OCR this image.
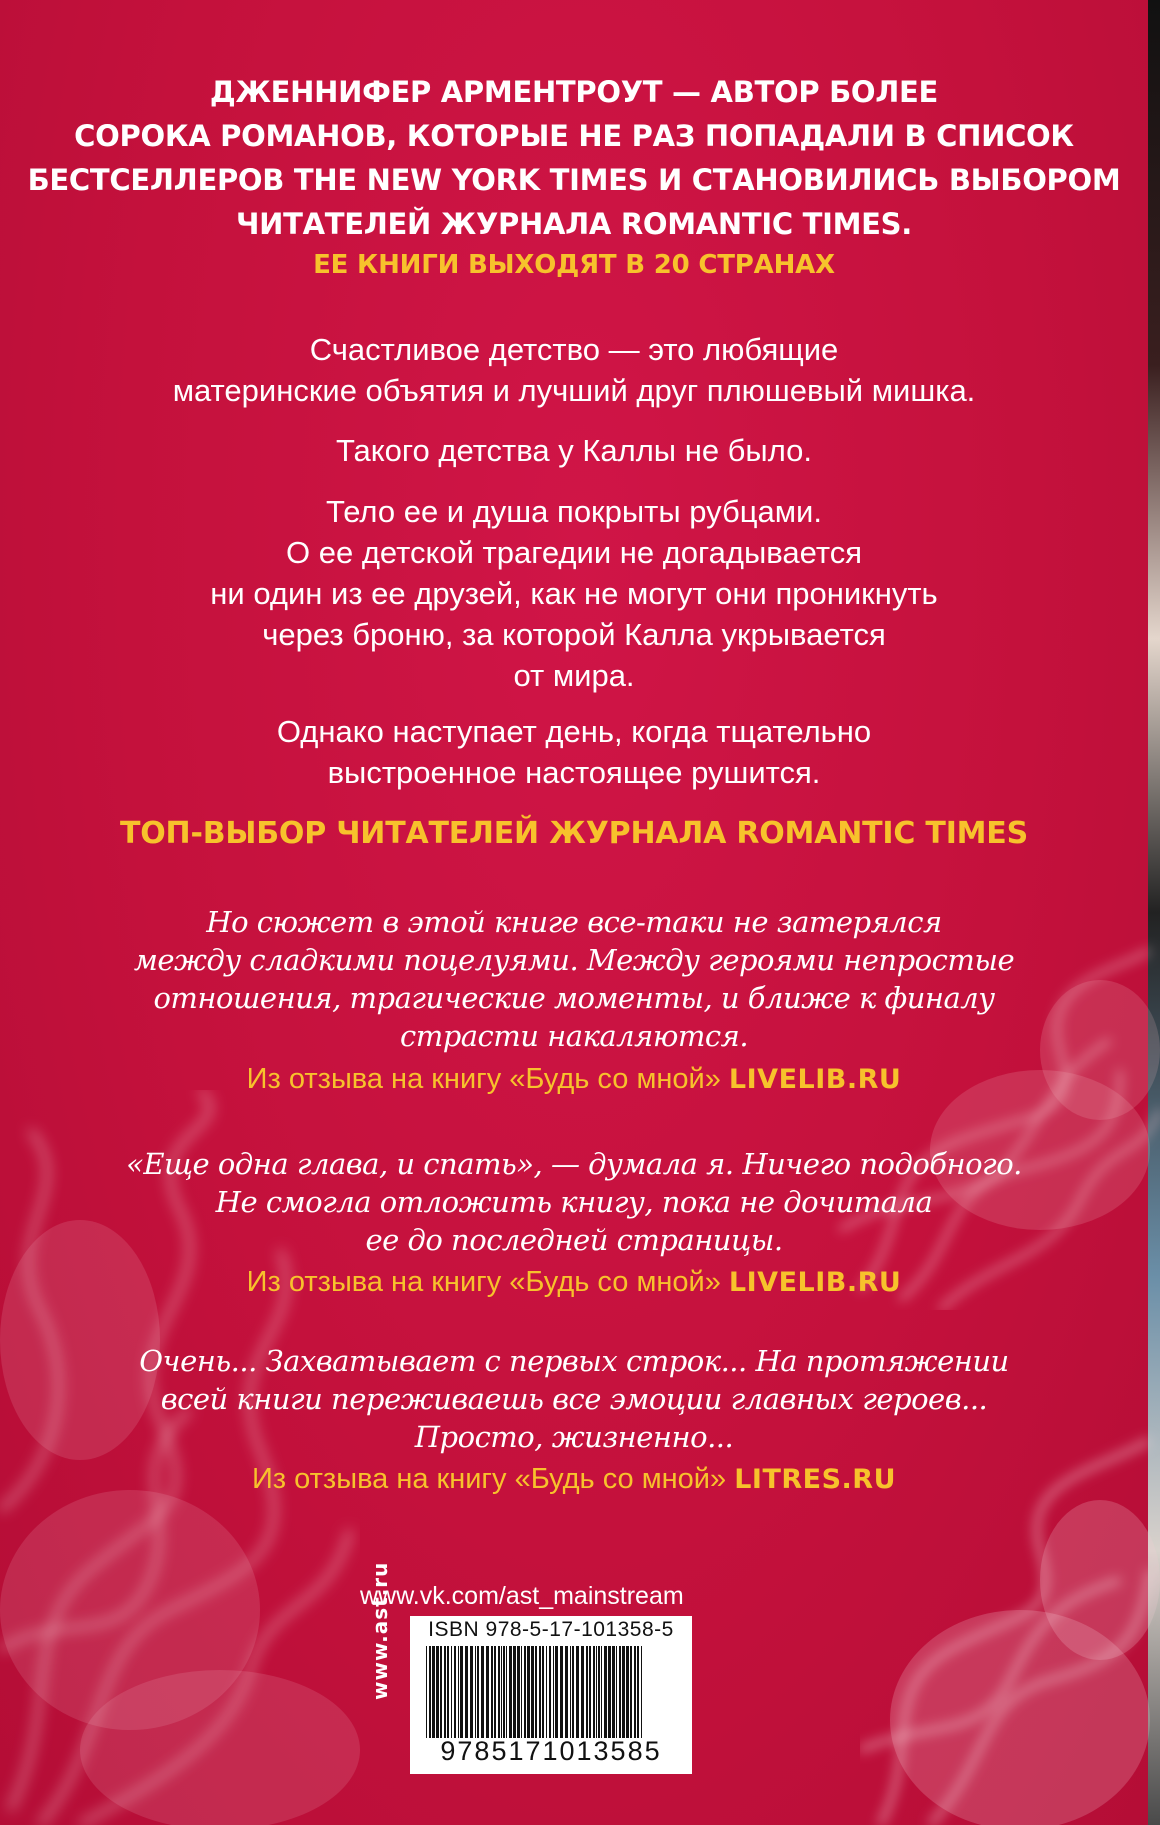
ДЖЕННИФЕР АРМЕНТРОУТ — АВТОР БОЛЕЕ
СОРОКА РОМАНОВ, КОТОРЫЕ НЕ РАЗ ПОПАДАЛИ В СПИСОК
БЕСТСЕЛЛЕРОВ THE NEW YORK TIMES И СТАНОВИЛИСЬ ВЫБОРОМ
ЧИТАТЕЛЕЙ ЖУРНАЛА ROMANTIC TIMES.
ЕЕ КНИГИ ВЫХОДЯТ В 20 СТРАНАХ
Счастливое детство — это любящие
материнские объятия и лучший друг плюшевый мишка.
Такого детства у Каллы не было.
Тело ее и душа покрыты рубцами.
О ее детской трагедии не догадывается
ни один из ее друзей, как не могут они проникнуть
через броню, за которой Калла укрывается
от мира.
Однако наступает день, когда тщательно
выстроенное настоящее рушится.
ТОП-ВЫБОР ЧИТАТЕЛЕЙ ЖУРНАЛА ROMANTIC TIMES
Но сюжет в этой книге все-таки не затерялся
между сладкими поцелуями. Между героями непростые
отношения, трагические моменты, и ближе к финалу
страсти накаляются.
Из отзыва на книгу «Будь со мной» LIVELIB.RU
«Еще одна глава, и спать», — думала я. Ничего подобного.
Не смогла отложить книгу, пока не дочитала
ее до последней страницы.
Из отзыва на книгу «Будь со мной» LIVELIB.RU
Очень... Захватывает с первых строк... На протяжении
всей книги переживаешь все эмоции главных героев...
Просто, жизненно...
Из отзыва на книгу «Будь со мной» LITRES.RU
www.vk.com/ast_mainstream
www.ast.ru	ISBN 978-5-17-101358-5
9785171013585
